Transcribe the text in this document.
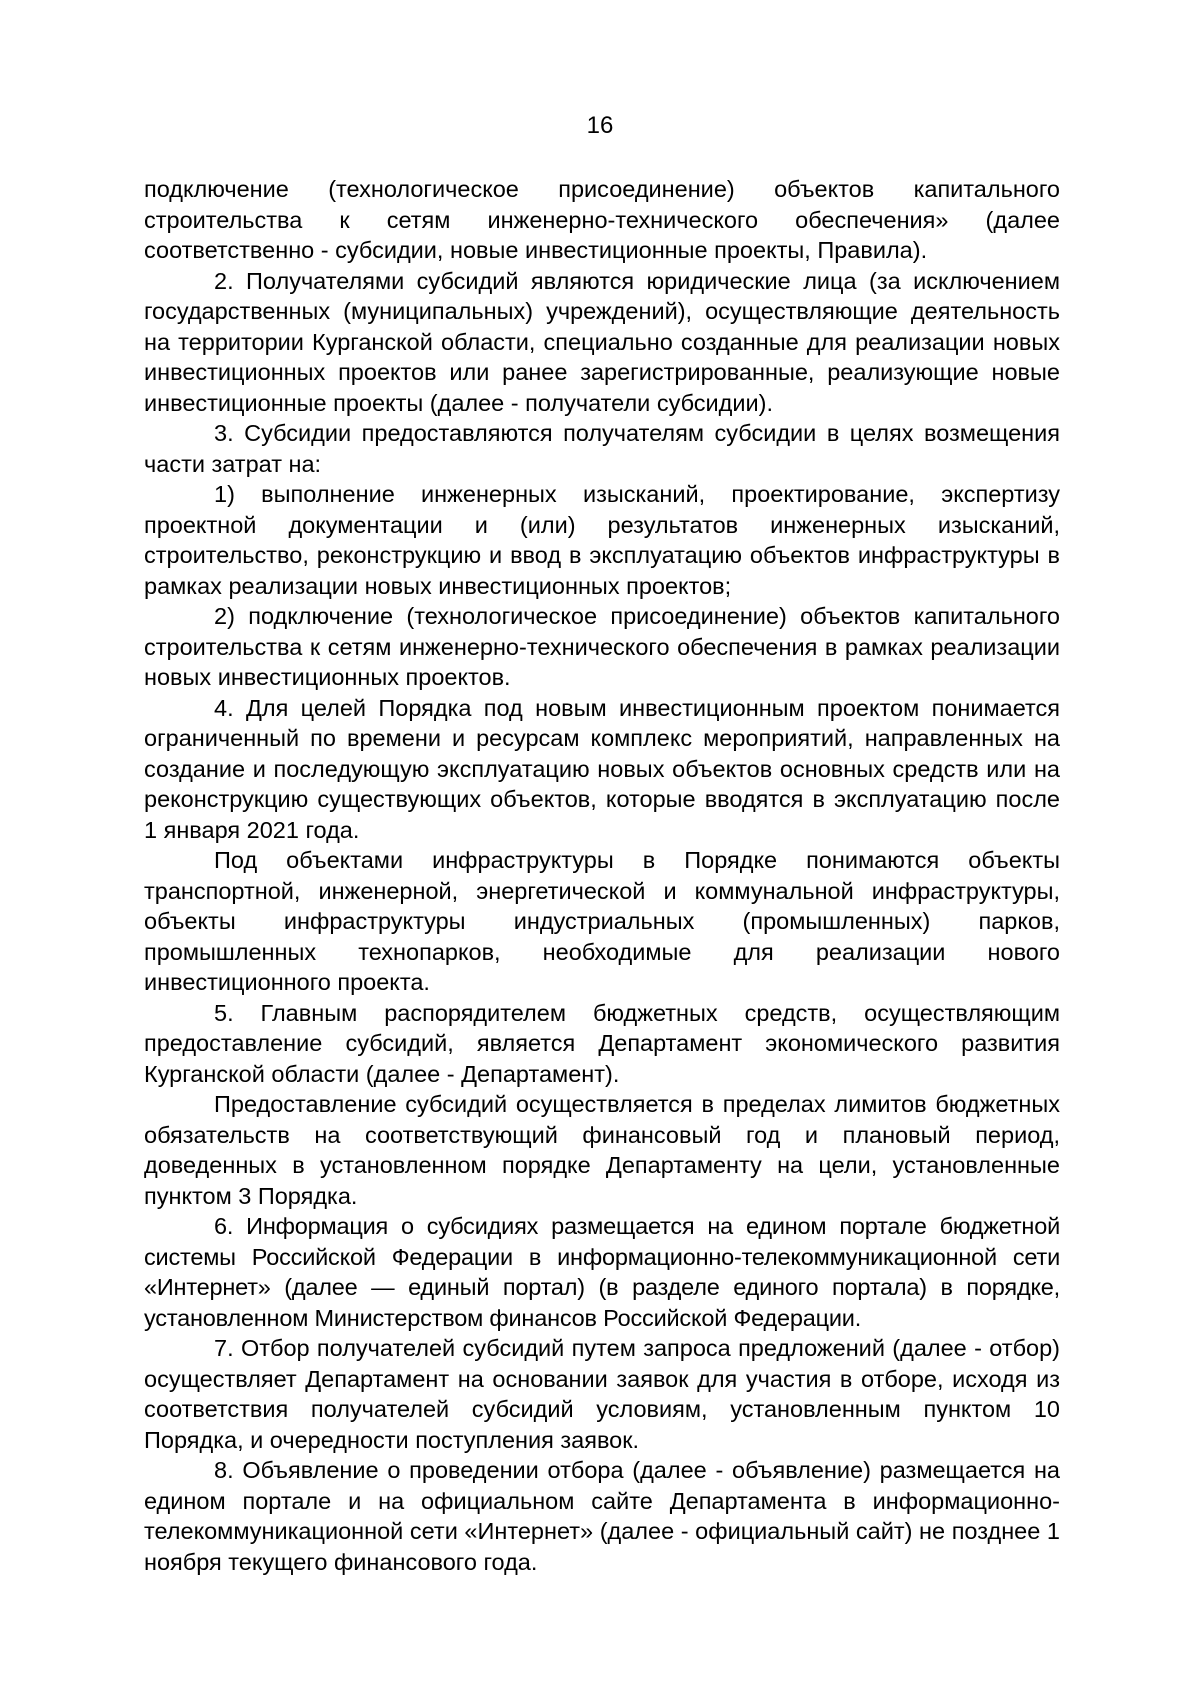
16

подключение (технологическое присоединение) объектов капитального строительства к сетям инженерно-технического обеспечения» (далее соответственно - субсидии, новые инвестиционные проекты, Правила).

2. Получателями субсидий являются юридические лица (за исключением государственных (муниципальных) учреждений), осуществляющие деятельность на территории Курганской области, специально созданные для реализации новых инвестиционных проектов или ранее зарегистрированные, реализующие новые инвестиционные проекты (далее - получатели субсидии).

3. Субсидии предоставляются получателям субсидии в целях возмещения части затрат на:

1) выполнение инженерных изысканий, проектирование, экспертизу проектной документации и (или) результатов инженерных изысканий, строительство, реконструкцию и ввод в эксплуатацию объектов инфраструктуры в рамках реализации новых инвестиционных проектов;

2) подключение (технологическое присоединение) объектов капитального строительства к сетям инженерно-технического обеспечения в рамках реализации новых инвестиционных проектов.

4. Для целей Порядка под новым инвестиционным проектом понимается ограниченный по времени и ресурсам комплекс мероприятий, направленных на создание и последующую эксплуатацию новых объектов основных средств или на реконструкцию существующих объектов, которые вводятся в эксплуатацию после 1 января 2021 года.

Под объектами инфраструктуры в Порядке понимаются объекты транспортной, инженерной, энергетической и коммунальной инфраструктуры, объекты инфраструктуры индустриальных (промышленных) парков, промышленных технопарков, необходимые для реализации нового инвестиционного проекта.

5. Главным распорядителем бюджетных средств, осуществляющим предоставление субсидий, является Департамент экономического развития Курганской области (далее - Департамент).

Предоставление субсидий осуществляется в пределах лимитов бюджетных обязательств на соответствующий финансовый год и плановый период, доведенных в установленном порядке Департаменту на цели, установленные пунктом 3 Порядка.

6. Информация о субсидиях размещается на едином портале бюджетной системы Российской Федерации в информационно-телекоммуникационной сети «Интернет» (далее — единый портал) (в разделе единого портала) в порядке, установленном Министерством финансов Российской Федерации.

7. Отбор получателей субсидий путем запроса предложений (далее - отбор) осуществляет Департамент на основании заявок для участия в отборе, исходя из соответствия получателей субсидий условиям, установленным пунктом 10 Порядка, и очередности поступления заявок.

8. Объявление о проведении отбора (далее - объявление) размещается на едином портале и на официальном сайте Департамента в информационно-телекоммуникационной сети «Интернет» (далее - официальный сайт) не позднее 1 ноября текущего финансового года.
